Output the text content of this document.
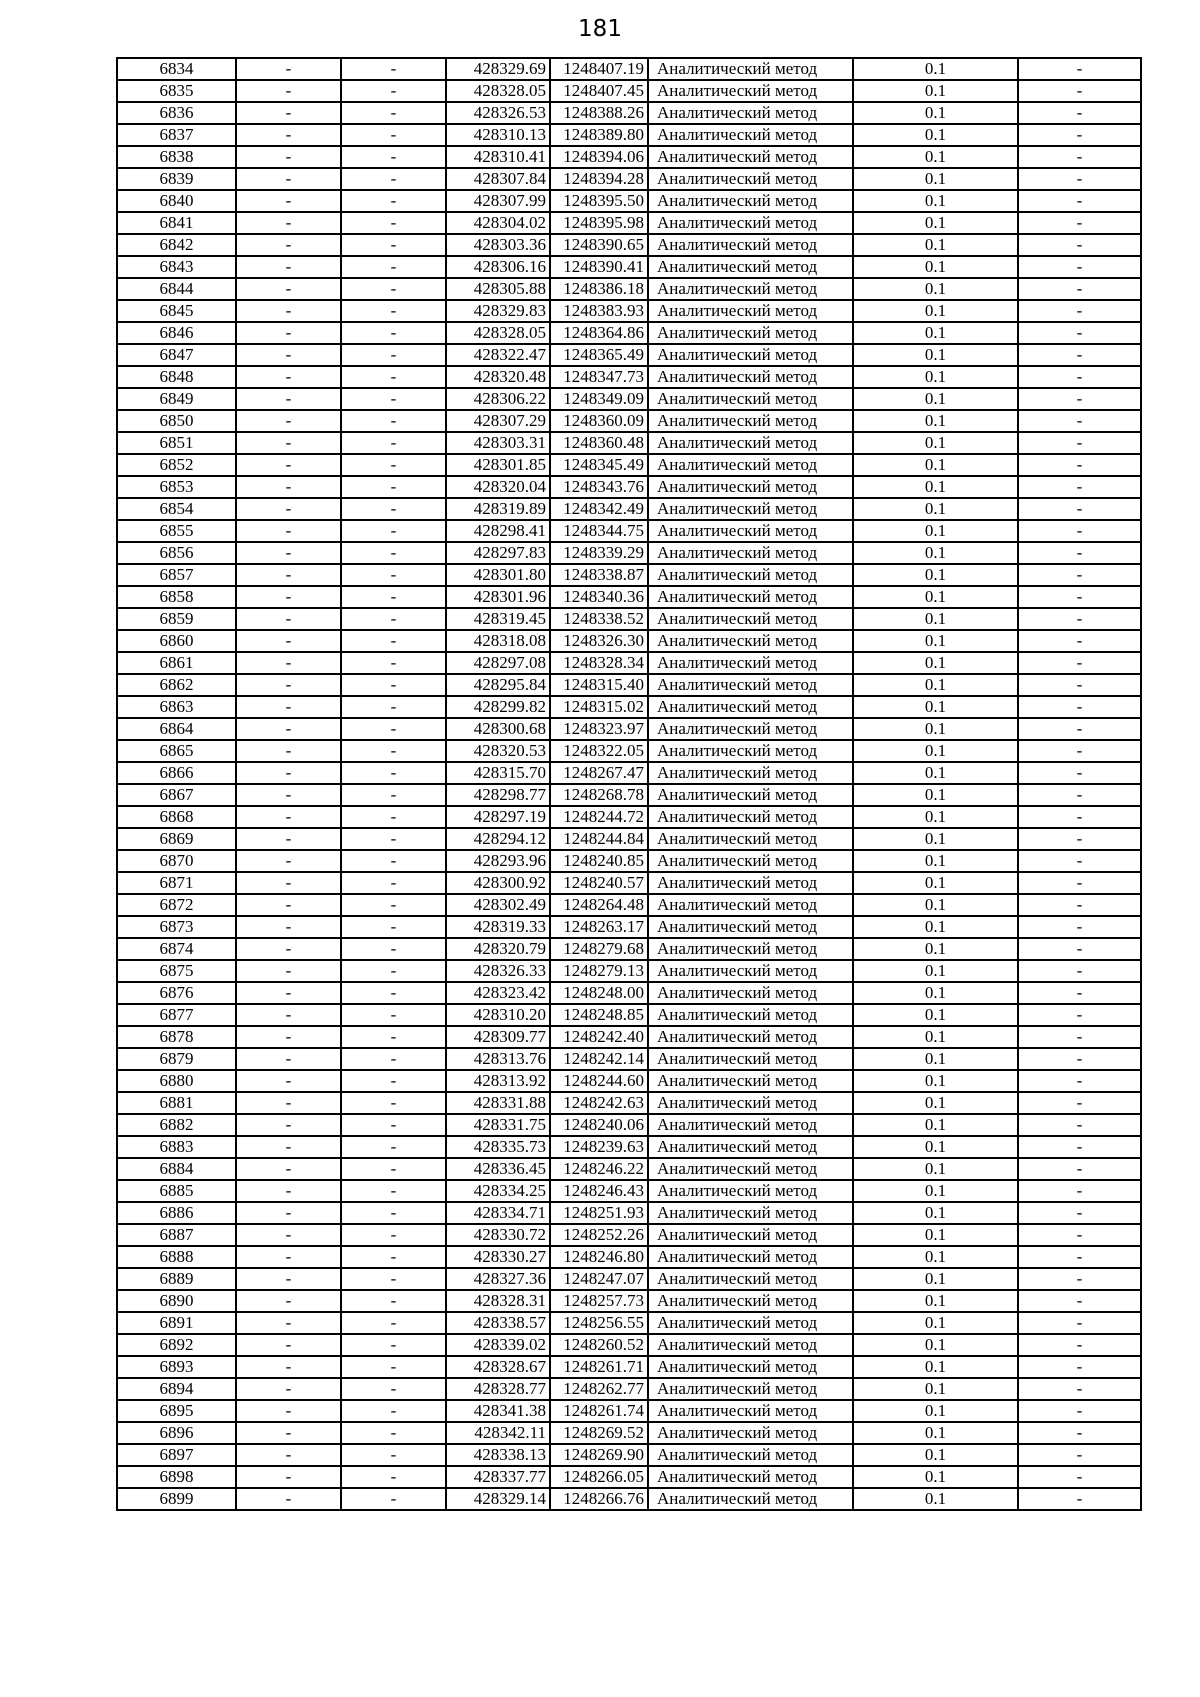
181
6834	-	-	428329.69	1248407.19	Аналитический метод	0.1	-
6835	-	-	428328.05	1248407.45	Аналитический метод	0.1	-
6836	-	-	428326.53	1248388.26	Аналитический метод	0.1	-
6837	-	-	428310.13	1248389.80	Аналитический метод	0.1	-
6838	-	-	428310.41	1248394.06	Аналитический метод	0.1	-
6839	-	-	428307.84	1248394.28	Аналитический метод	0.1	-
6840	-	-	428307.99	1248395.50	Аналитический метод	0.1	-
6841	-	-	428304.02	1248395.98	Аналитический метод	0.1	-
6842	-	-	428303.36	1248390.65	Аналитический метод	0.1	-
6843	-	-	428306.16	1248390.41	Аналитический метод	0.1	-
6844	-	-	428305.88	1248386.18	Аналитический метод	0.1	-
6845	-	-	428329.83	1248383.93	Аналитический метод	0.1	-
6846	-	-	428328.05	1248364.86	Аналитический метод	0.1	-
6847	-	-	428322.47	1248365.49	Аналитический метод	0.1	-
6848	-	-	428320.48	1248347.73	Аналитический метод	0.1	-
6849	-	-	428306.22	1248349.09	Аналитический метод	0.1	-
6850	-	-	428307.29	1248360.09	Аналитический метод	0.1	-
6851	-	-	428303.31	1248360.48	Аналитический метод	0.1	-
6852	-	-	428301.85	1248345.49	Аналитический метод	0.1	-
6853	-	-	428320.04	1248343.76	Аналитический метод	0.1	-
6854	-	-	428319.89	1248342.49	Аналитический метод	0.1	-
6855	-	-	428298.41	1248344.75	Аналитический метод	0.1	-
6856	-	-	428297.83	1248339.29	Аналитический метод	0.1	-
6857	-	-	428301.80	1248338.87	Аналитический метод	0.1	-
6858	-	-	428301.96	1248340.36	Аналитический метод	0.1	-
6859	-	-	428319.45	1248338.52	Аналитический метод	0.1	-
6860	-	-	428318.08	1248326.30	Аналитический метод	0.1	-
6861	-	-	428297.08	1248328.34	Аналитический метод	0.1	-
6862	-	-	428295.84	1248315.40	Аналитический метод	0.1	-
6863	-	-	428299.82	1248315.02	Аналитический метод	0.1	-
6864	-	-	428300.68	1248323.97	Аналитический метод	0.1	-
6865	-	-	428320.53	1248322.05	Аналитический метод	0.1	-
6866	-	-	428315.70	1248267.47	Аналитический метод	0.1	-
6867	-	-	428298.77	1248268.78	Аналитический метод	0.1	-
6868	-	-	428297.19	1248244.72	Аналитический метод	0.1	-
6869	-	-	428294.12	1248244.84	Аналитический метод	0.1	-
6870	-	-	428293.96	1248240.85	Аналитический метод	0.1	-
6871	-	-	428300.92	1248240.57	Аналитический метод	0.1	-
6872	-	-	428302.49	1248264.48	Аналитический метод	0.1	-
6873	-	-	428319.33	1248263.17	Аналитический метод	0.1	-
6874	-	-	428320.79	1248279.68	Аналитический метод	0.1	-
6875	-	-	428326.33	1248279.13	Аналитический метод	0.1	-
6876	-	-	428323.42	1248248.00	Аналитический метод	0.1	-
6877	-	-	428310.20	1248248.85	Аналитический метод	0.1	-
6878	-	-	428309.77	1248242.40	Аналитический метод	0.1	-
6879	-	-	428313.76	1248242.14	Аналитический метод	0.1	-
6880	-	-	428313.92	1248244.60	Аналитический метод	0.1	-
6881	-	-	428331.88	1248242.63	Аналитический метод	0.1	-
6882	-	-	428331.75	1248240.06	Аналитический метод	0.1	-
6883	-	-	428335.73	1248239.63	Аналитический метод	0.1	-
6884	-	-	428336.45	1248246.22	Аналитический метод	0.1	-
6885	-	-	428334.25	1248246.43	Аналитический метод	0.1	-
6886	-	-	428334.71	1248251.93	Аналитический метод	0.1	-
6887	-	-	428330.72	1248252.26	Аналитический метод	0.1	-
6888	-	-	428330.27	1248246.80	Аналитический метод	0.1	-
6889	-	-	428327.36	1248247.07	Аналитический метод	0.1	-
6890	-	-	428328.31	1248257.73	Аналитический метод	0.1	-
6891	-	-	428338.57	1248256.55	Аналитический метод	0.1	-
6892	-	-	428339.02	1248260.52	Аналитический метод	0.1	-
6893	-	-	428328.67	1248261.71	Аналитический метод	0.1	-
6894	-	-	428328.77	1248262.77	Аналитический метод	0.1	-
6895	-	-	428341.38	1248261.74	Аналитический метод	0.1	-
6896	-	-	428342.11	1248269.52	Аналитический метод	0.1	-
6897	-	-	428338.13	1248269.90	Аналитический метод	0.1	-
6898	-	-	428337.77	1248266.05	Аналитический метод	0.1	-
6899	-	-	428329.14	1248266.76	Аналитический метод	0.1	-
